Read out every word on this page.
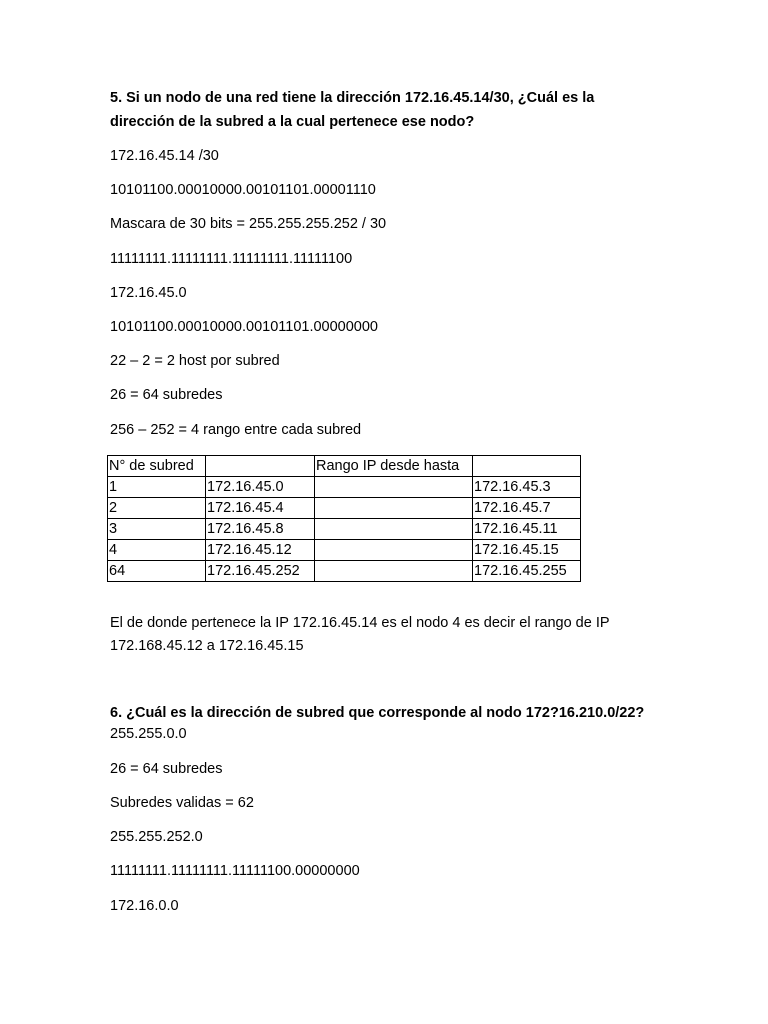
5. Si un nodo de una red tiene la dirección 172.16.45.14/30, ¿Cuál es la
dirección de la subred a la cual pertenece ese nodo?
172.16.45.14 /30
10101100.00010000.00101101.00001110
Mascara de 30 bits = 255.255.255.252 / 30
11111111.11111111.11111111.11111100
172.16.45.0
10101100.00010000.00101101.00000000
22 – 2 = 2 host por subred
26 = 64 subredes
256 – 252 = 4 rango entre cada subred
N° de subred		Rango IP desde hasta	
1	172.16.45.0		172.16.45.3
2	172.16.45.4		172.16.45.7
3	172.16.45.8		172.16.45.11
4	172.16.45.12		172.16.45.15
64	172.16.45.252		172.16.45.255
El de donde pertenece la IP 172.16.45.14 es el nodo 4 es decir el rango de IP
172.168.45.12 a 172.16.45.15
6. ¿Cuál es la dirección de subred que corresponde al nodo 172?16.210.0/22?
255.255.0.0
26 = 64 subredes
Subredes validas = 62
255.255.252.0
11111111.11111111.11111100.00000000
172.16.0.0
